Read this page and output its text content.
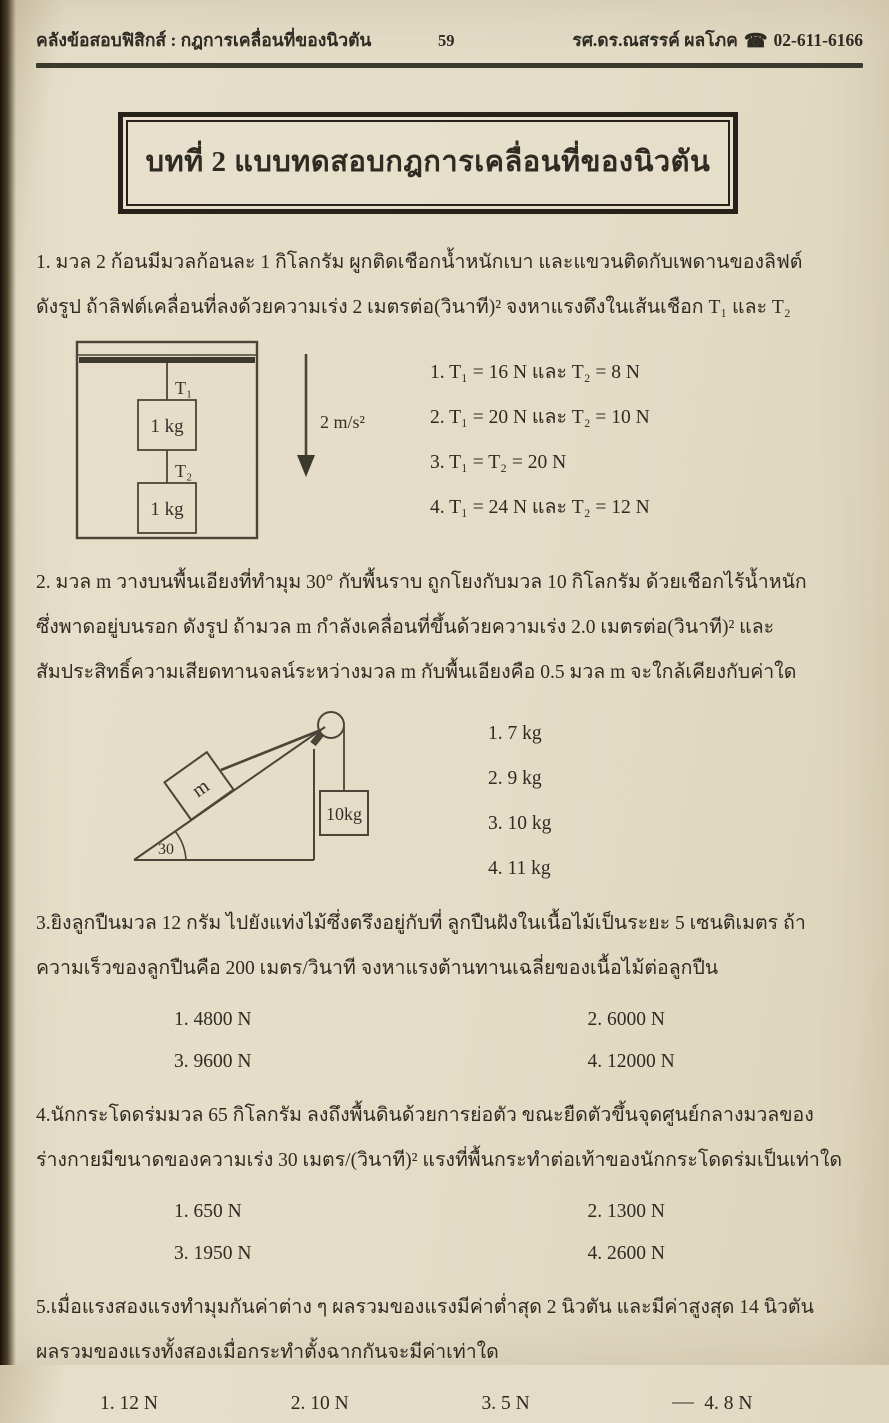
คลังข้อสอบฟิสิกส์ : กฎการเคลื่อนที่ของนิวตัน	59	รศ.ดร.ณสรรค์ ผลโภค ☎ 02-611-6166
บทที่ 2 แบบทดสอบกฎการเคลื่อนที่ของนิวตัน

1. มวล 2 ก้อนมีมวลก้อนละ 1 กิโลกรัม ผูกติดเชือกน้ำหนักเบา และแขวนติดกับเพดานของลิฟต์

ดังรูป ถ้าลิฟต์เคลื่อนที่ลงด้วยความเร่ง 2 เมตรต่อ(วินาที)² จงหาแรงดึงในเส้นเชือก T₁ และ T₂

T₁
1 kg
T₂
1 kg
2 m/s²
1. T₁ = 16 N และ T₂ = 8 N
2. T₁ = 20 N และ T₂ = 10 N
3. T₁ = T₂ = 20 N
4. T₁ = 24 N และ T₂ = 12 N

2. มวล m วางบนพื้นเอียงที่ทำมุม 30° กับพื้นราบ ถูกโยงกับมวล 10 กิโลกรัม ด้วยเชือกไร้น้ำหนัก

ซึ่งพาดอยู่บนรอก ดังรูป ถ้ามวล m กำลังเคลื่อนที่ขึ้นด้วยความเร่ง 2.0 เมตรต่อ(วินาที)² และ

สัมประสิทธิ์ความเสียดทานจลน์ระหว่างมวล m กับพื้นเอียงคือ 0.5 มวล m จะใกล้เคียงกับค่าใด

30
m
10kg
1. 7 kg
2. 9 kg
3. 10 kg
4. 11 kg

3.ยิงลูกปืนมวล 12 กรัม ไปยังแท่งไม้ซึ่งตรึงอยู่กับที่ ลูกปืนฝังในเนื้อไม้เป็นระยะ 5 เซนติเมตร ถ้า

ความเร็วของลูกปืนคือ 200 เมตร/วินาที จงหาแรงต้านทานเฉลี่ยของเนื้อไม้ต่อลูกปืน

1. 4800 N	2. 6000 N
3. 9600 N	4. 12000 N

4.นักกระโดดร่มมวล 65 กิโลกรัม ลงถึงพื้นดินด้วยการย่อตัว ขณะยืดตัวขึ้นจุดศูนย์กลางมวลของ

ร่างกายมีขนาดของความเร่ง 30 เมตร/(วินาที)² แรงที่พื้นกระทำต่อเท้าของนักกระโดดร่มเป็นเท่าใด

1. 650 N	2. 1300 N
3. 1950 N	4. 2600 N

5.เมื่อแรงสองแรงทำมุมกันค่าต่าง ๆ ผลรวมของแรงมีค่าต่ำสุด 2 นิวตัน และมีค่าสูงสุด 14 นิวตัน

ผลรวมของแรงทั้งสองเมื่อกระทำตั้งฉากกันจะมีค่าเท่าใด

1. 12 N	2. 10 N	3. 5 N	4. 8 N
